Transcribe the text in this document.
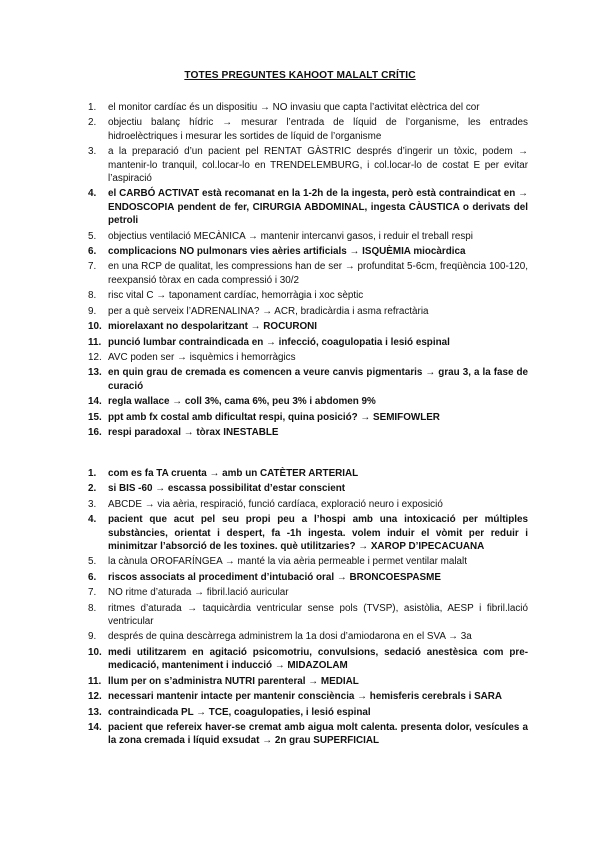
TOTES PREGUNTES KAHOOT MALALT CRÍTIC
1.	el monitor cardíac és un dispositiu → NO invasiu que capta l’activitat elèctrica del cor
2.	objectiu balanç hídric → mesurar l’entrada de líquid de l’organisme, les entrades hidroelèctriques i mesurar les sortides de líquid de l’organisme
3.	a la preparació d’un pacient pel RENTAT GÀSTRIC després d’ingerir un tòxic, podem → mantenir-lo tranquil, col.locar-lo en TRENDELEMBURG, i col.locar-lo de costat E per evitar l’aspiració
4.	el CARBÓ ACTIVAT està recomanat en la 1-2h de la ingesta, però està contraindicat en → ENDOSCOPIA pendent de fer, CIRURGIA ABDOMINAL, ingesta CÀUSTICA o derivats del petroli
5.	objectius ventilació MECÀNICA → mantenir intercanvi gasos, i reduir el treball respi
6.	complicacions NO pulmonars vies aèries artificials → ISQUÈMIA miocàrdica
7.	en una RCP de qualitat, les compressions han de ser → profunditat 5-6cm, freqüència 100-120, reexpansió tòrax en cada compressió i 30/2
8.	risc vital C → taponament cardíac, hemorràgia i xoc sèptic
9.	per a què serveix l’ADRENALINA? → ACR, bradicàrdia i asma refractària
10. miorelaxant no despolaritzant → ROCURONI
11. punció lumbar contraindicada en → infecció, coagulopatia i lesió espinal
12. AVC poden ser → isquèmics i hemorràgics
13. en quin grau de cremada es comencen a veure canvis pigmentaris → grau 3, a la fase de curació
14. regla wallace → coll 3%, cama 6%, peu 3% i abdomen 9%
15. ppt amb fx costal amb dificultat respi, quina posició? → SEMIFOWLER
16. respi paradoxal → tòrax INESTABLE
1.	com es fa TA cruenta → amb un CATÈTER ARTERIAL
2.	si BIS -60 → escassa possibilitat d’estar conscient
3.	ABCDE → via aèria, respiració, funció cardíaca, exploració neuro i exposició
4.	pacient que acut pel seu propi peu a l’hospi amb una intoxicació per múltiples substàncies, orientat i despert, fa -1h ingesta. volem induir el vòmit per reduir i minimitzar l’absorció de les toxines. què utilitzaries? → XAROP D’IPECACUANA
5.	la cànula OROFARÍNGEA → manté la via aèria permeable i permet ventilar malalt
6.	riscos associats al procediment d’intubació oral → BRONCOESPASME
7.	NO ritme d’aturada → fibril.lació auricular
8.	ritmes d’aturada → taquicàrdia ventricular sense pols (TVSP), asistòlia, AESP i fibril.lació ventricular
9.	després de quina descàrrega administrem la 1a dosi d’amiodarona en el SVA → 3a
10. medi utilitzarem en agitació psicomotriu, convulsions, sedació anestèsica com pre-medicació, manteniment i inducció → MIDAZOLAM
11. llum per on s’administra NUTRI parenteral → MEDIAL
12. necessari mantenir intacte per mantenir consciència → hemisferis cerebrals i SARA
13. contraindicada PL → TCE, coagulopaties, i lesió espinal
14. pacient que refereix haver-se cremat amb aigua molt calenta. presenta dolor, vesícules a la zona cremada i líquid exsudat → 2n grau SUPERFICIAL
